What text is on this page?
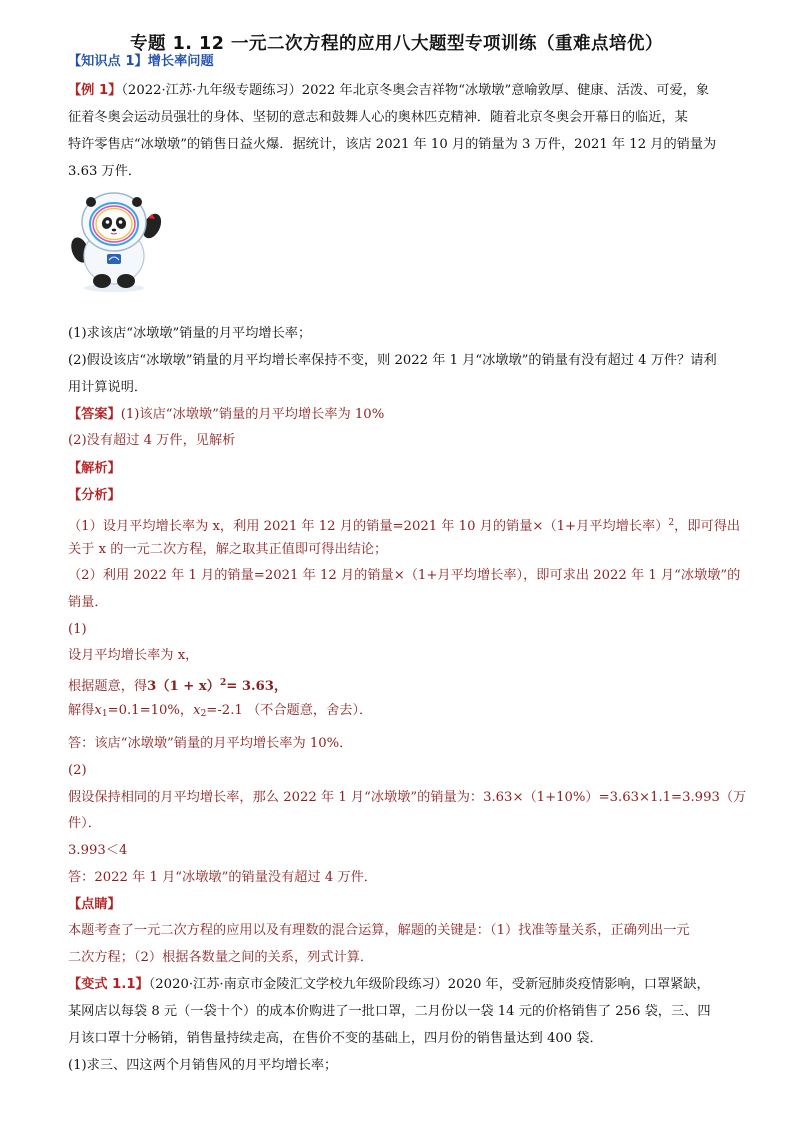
专题 1. 12 一元二次方程的应用八大题型专项训练（重难点培优）
【知识点 1】增长率问题
【例 1】（2022·江苏·九年级专题练习）2022 年北京冬奥会吉祥物“冰墩墩”意喻敦厚、健康、活泼、可爱，象
征着冬奥会运动员强壮的身体、坚韧的意志和鼓舞人心的奥林匹克精神．随着北京冬奥会开幕日的临近，某
特许零售店“冰墩墩”的销售日益火爆．据统计，该店 2021 年 10 月的销量为 3 万件，2021 年 12 月的销量为
3.63 万件．
(1)求该店“冰墩墩”销量的月平均增长率；
(2)假设该店“冰墩墩”销量的月平均增长率保持不变，则 2022 年 1 月“冰墩墩”的销量有没有超过 4 万件？请利
用计算说明．
【答案】(1)该店“冰墩墩”销量的月平均增长率为 10%
(2)没有超过 4 万件，见解析
【解析】
【分析】
（1）设月平均增长率为 x，利用 2021 年 12 月的销量=2021 年 10 月的销量×（1+月平均增长率）$^2$，即可得出
关于 x 的一元二次方程，解之取其正值即可得出结论；
（2）利用 2022 年 1 月的销量=2021 年 12 月的销量×（1+月平均增长率），即可求出 2022 年 1 月“冰墩墩”的
销量．
(1)
设月平均增长率为 x，
根据题意，得$3(1 + x)^2= 3.63$，
解得$x_1=0.1=10\%$，$x_2=-2.1$ （不合题意，舍去）．
答：该店“冰墩墩”销量的月平均增长率为 10%．
(2)
假设保持相同的月平均增长率，那么 2022 年 1 月“冰墩墩”的销量为：3.63×（1+10%）=3.63×1.1=3.993（万
件）．
3.993＜4
答：2022 年 1 月“冰墩墩”的销量没有超过 4 万件．
【点睛】
本题考查了一元二次方程的应用以及有理数的混合运算，解题的关键是：（1）找准等量关系，正确列出一元
二次方程；（2）根据各数量之间的关系，列式计算．
【变式 1.1】（2020·江苏·南京市金陵汇文学校九年级阶段练习）2020 年，受新冠肺炎疫情影响，口罩紧缺，
某网店以每袋 8 元（一袋十个）的成本价购进了一批口罩，二月份以一袋 14 元的价格销售了 256 袋，三、四
月该口罩十分畅销，销售量持续走高，在售价不变的基础上，四月份的销售量达到 400 袋．
(1)求三、四这两个月销售风的月平均增长率；
